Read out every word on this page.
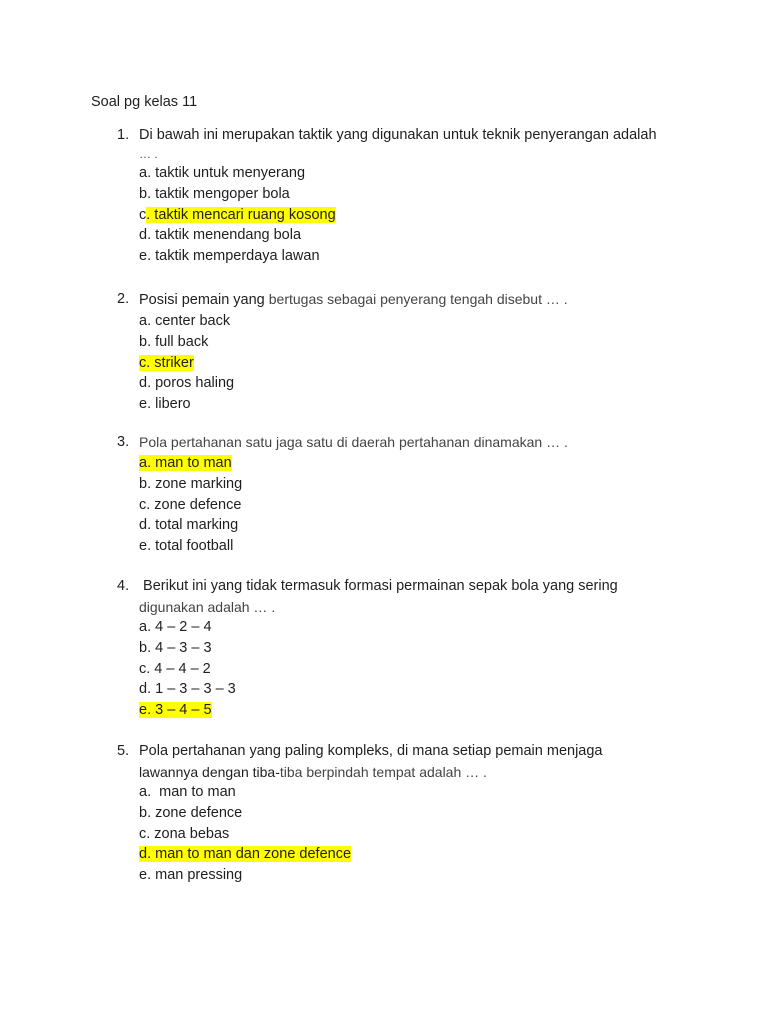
Soal pg kelas 11
1. Di bawah ini merupakan taktik yang digunakan untuk teknik penyerangan adalah
… .
a. taktik untuk menyerang
b. taktik mengoper bola
c. taktik mencari ruang kosong
d. taktik menendang bola
e. taktik memperdaya lawan
2. Posisi pemain yang bertugas sebagai penyerang tengah disebut … .
a. center back
b. full back
c. striker
d. poros haling
e. libero
3. Pola pertahanan satu jaga satu di daerah pertahanan dinamakan … .
a. man to man
b. zone marking
c. zone defence
d. total marking
e. total football
4. Berikut ini yang tidak termasuk formasi permainan sepak bola yang sering
digunakan adalah … .
a. 4 – 2 – 4
b. 4 – 3 – 3
c. 4 – 4 – 2
d. 1 – 3 – 3 – 3
e. 3 – 4 – 5
5. Pola pertahanan yang paling kompleks, di mana setiap pemain menjaga
lawannya dengan tiba-tiba berpindah tempat adalah … .
a.  man to man
b. zone defence
c. zona bebas
d. man to man dan zone defence
e. man pressing
